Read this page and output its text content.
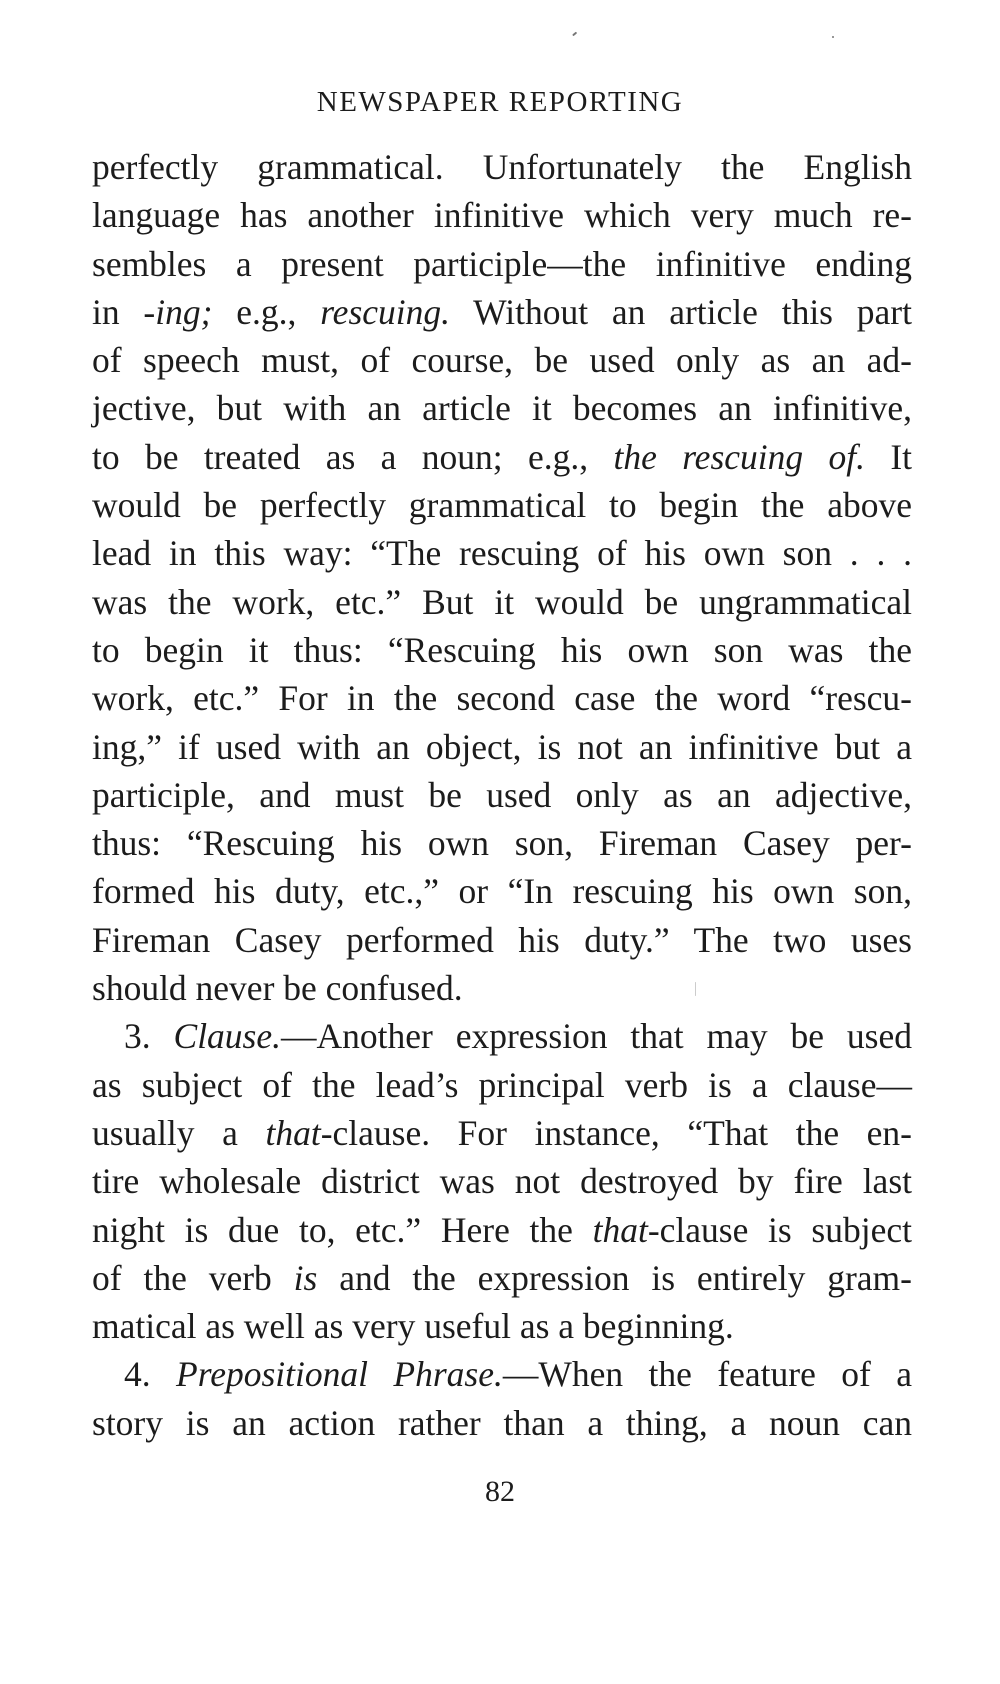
NEWSPAPER REPORTING
perfectly grammatical. Unfortunately the English
language has another infinitive which very much re-
sembles a present participle—the infinitive ending
in -ing; e.g., rescuing. Without an article this part
of speech must, of course, be used only as an ad-
jective, but with an article it becomes an infinitive,
to be treated as a noun; e.g., the rescuing of. It
would be perfectly grammatical to begin the above
lead in this way: “The rescuing of his own son . . .
was the work, etc.” But it would be ungrammatical
to begin it thus: “Rescuing his own son was the
work, etc.” For in the second case the word “rescu-
ing,” if used with an object, is not an infinitive but a
participle, and must be used only as an adjective,
thus: “Rescuing his own son, Fireman Casey per-
formed his duty, etc.,” or “In rescuing his own son,
Fireman Casey performed his duty.” The two uses
should never be confused.
3. Clause.—Another expression that may be used
as subject of the lead’s principal verb is a clause—
usually a that-clause. For instance, “That the en-
tire wholesale district was not destroyed by fire last
night is due to, etc.” Here the that-clause is subject
of the verb is and the expression is entirely gram-
matical as well as very useful as a beginning.
4. Prepositional Phrase.—When the feature of a
story is an action rather than a thing, a noun can
82
